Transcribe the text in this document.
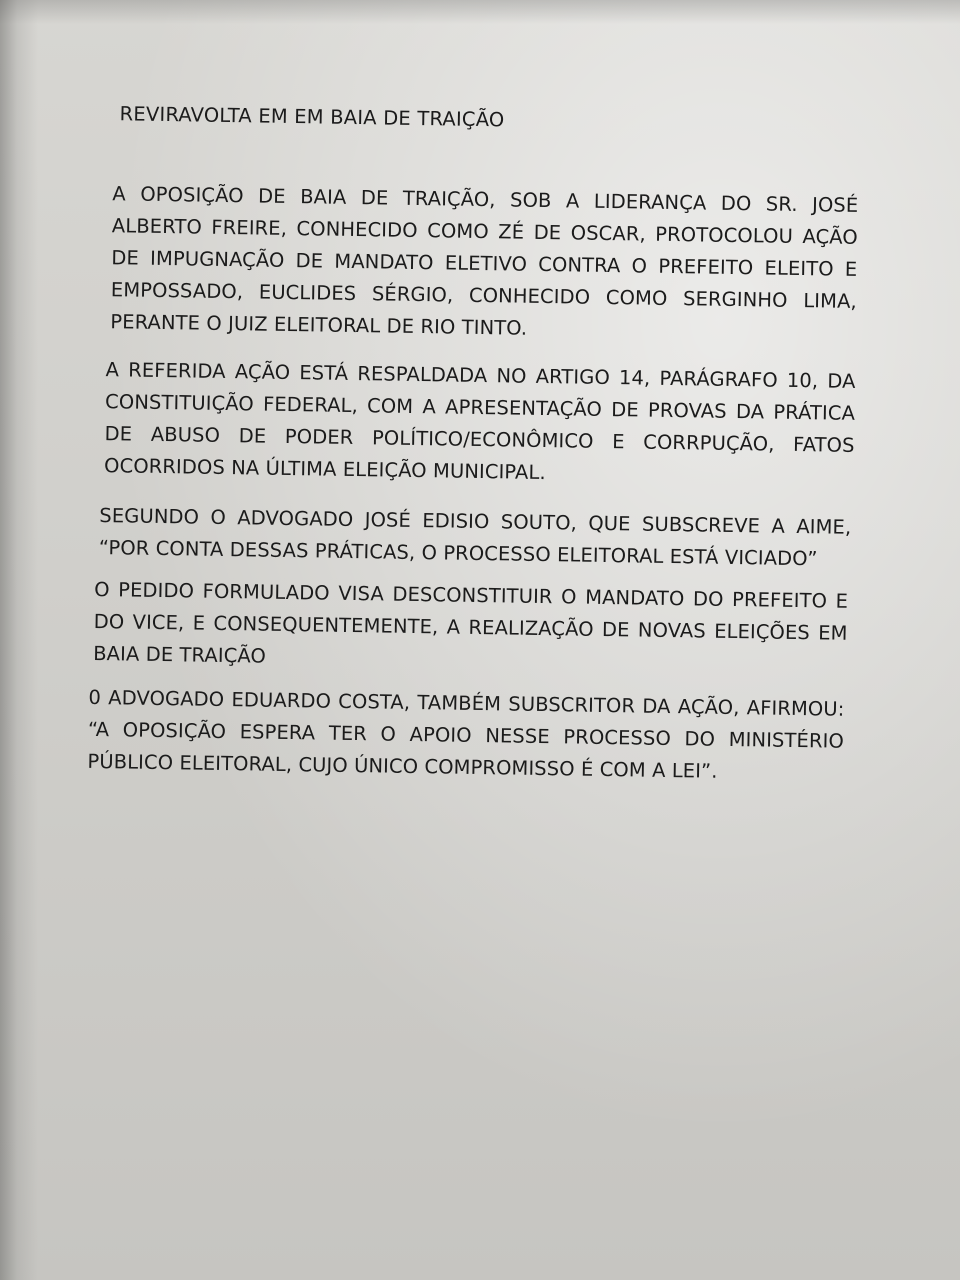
REVIRAVOLTA EM EM BAIA DE TRAIÇÃO

A OPOSIÇÃO DE BAIA DE TRAIÇÃO, SOB A LIDERANÇA DO SR. JOSÉ ALBERTO FREIRE, CONHECIDO COMO ZÉ DE OSCAR, PROTOCOLOU AÇÃO DE IMPUGNAÇÃO DE MANDATO ELETIVO CONTRA O PREFEITO ELEITO E EMPOSSADO, EUCLIDES SÉRGIO, CONHECIDO COMO SERGINHO LIMA, PERANTE O JUIZ ELEITORAL DE RIO TINTO.

A REFERIDA AÇÃO ESTÁ RESPALDADA NO ARTIGO 14, PARÁGRAFO 10, DA CONSTITUIÇÃO FEDERAL, COM A APRESENTAÇÃO DE PROVAS DA PRÁTICA DE ABUSO DE PODER POLÍTICO/ECONÔMICO E CORRPUÇÃO, FATOS OCORRIDOS NA ÚLTIMA ELEIÇÃO MUNICIPAL.

SEGUNDO O ADVOGADO JOSÉ EDISIO SOUTO, QUE SUBSCREVE A AIME, “POR CONTA DESSAS PRÁTICAS, O PROCESSO ELEITORAL ESTÁ VICIADO”

O PEDIDO FORMULADO VISA DESCONSTITUIR O MANDATO DO PREFEITO E DO VICE, E CONSEQUENTEMENTE, A REALIZAÇÃO DE NOVAS ELEIÇÕES EM BAIA DE TRAIÇÃO

0 ADVOGADO EDUARDO COSTA, TAMBÉM SUBSCRITOR DA AÇÃO, AFIRMOU: “A OPOSIÇÃO ESPERA TER O APOIO NESSE PROCESSO DO MINISTÉRIO PÚBLICO ELEITORAL, CUJO ÚNICO COMPROMISSO É COM A LEI”.
